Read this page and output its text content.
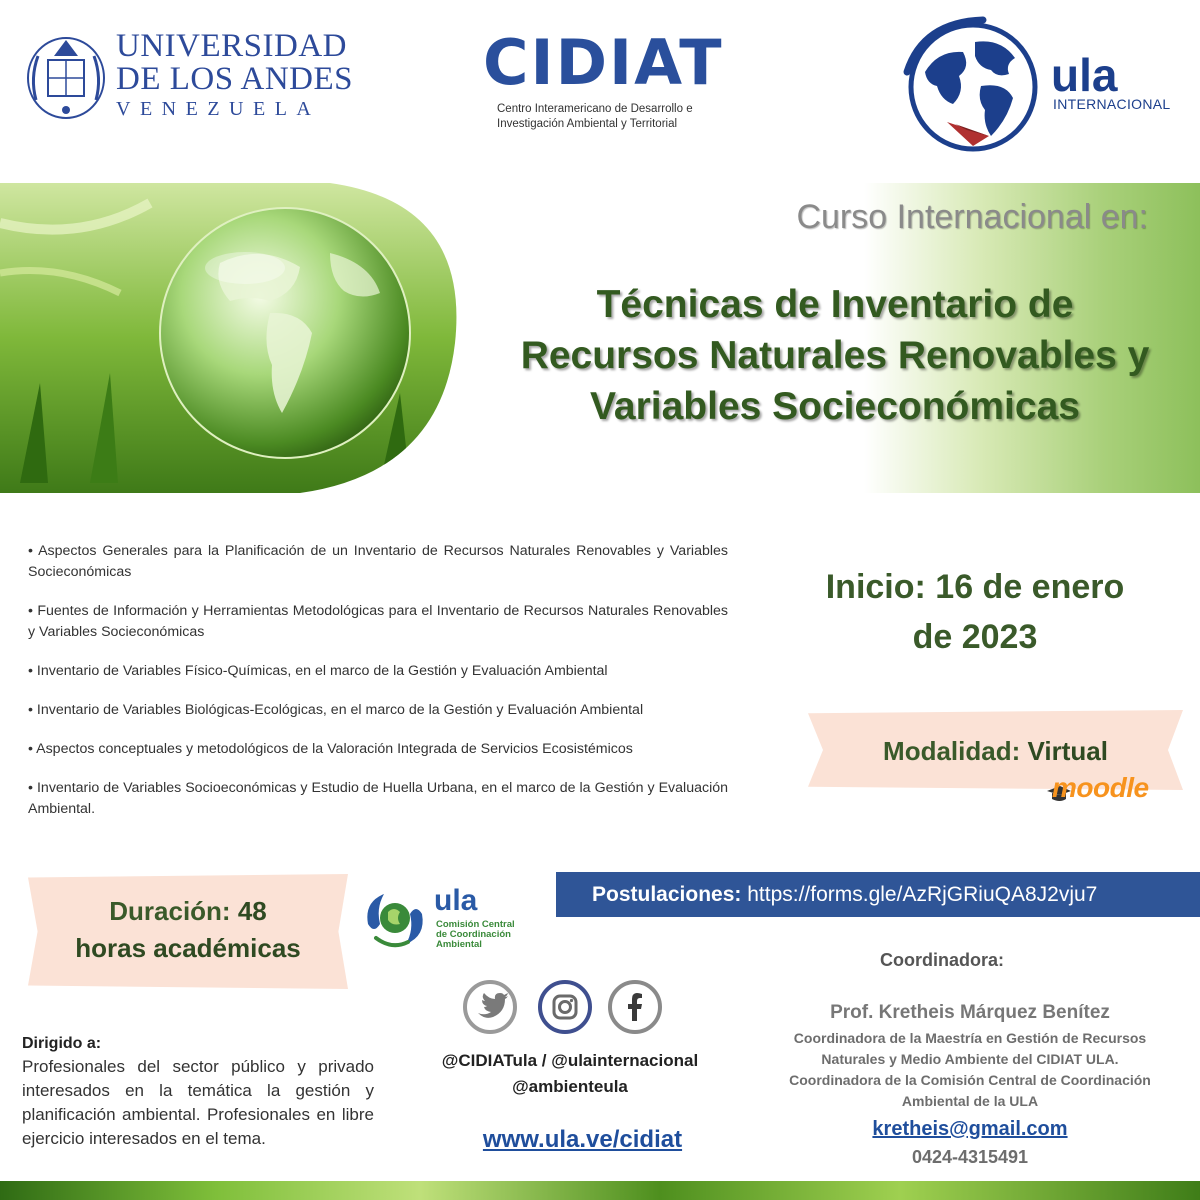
UNIVERSIDAD
DE LOS ANDES
VENEZUELA
CIDIAT
Centro Interamericano de Desarrollo e
Investigación Ambiental y Territorial
ula
INTERNACIONAL
Curso Internacional en:
Técnicas de Inventario de
Recursos Naturales Renovables y
Variables Socieconómicas

• Aspectos Generales para la Planificación de un Inventario de Recursos Naturales Renovables y Variables Socieconómicas

• Fuentes de Información y Herramientas Metodológicas para el Inventario de Recursos Naturales Renovables y Variables Socieconómicas

• Inventario de Variables Físico-Químicas, en el marco de la Gestión y Evaluación Ambiental

• Inventario de Variables Biológicas-Ecológicas, en el marco de la Gestión y Evaluación Ambiental

• Aspectos conceptuales y metodológicos de la Valoración Integrada de Servicios Ecosistémicos

• Inventario de Variables Socioeconómicas y Estudio de Huella Urbana, en el marco de la Gestión y Evaluación Ambiental.

Inicio: 16 de enero
de 2023
Modalidad: Virtual
moodle
Duración: 48
horas académicas
ula
Comisión Central
de Coordinación
Ambiental
Postulaciones: https://forms.gle/AzRjGRiuQA8J2vju7
@CIDIATula / @ulainternacional
@ambienteula
www.ula.ve/cidiat
Dirigido a:
Profesionales del sector público y privado interesados en la temática la gestión y planificación ambiental. Profesionales en libre ejercicio interesados en el tema.
Coordinadora:
Prof. Kretheis Márquez Benítez
Coordinadora de la Maestría en Gestión de Recursos
Naturales y Medio Ambiente del CIDIAT ULA.
Coordinadora de la Comisión Central de Coordinación
Ambiental de la ULA
kretheis@gmail.com
0424-4315491
